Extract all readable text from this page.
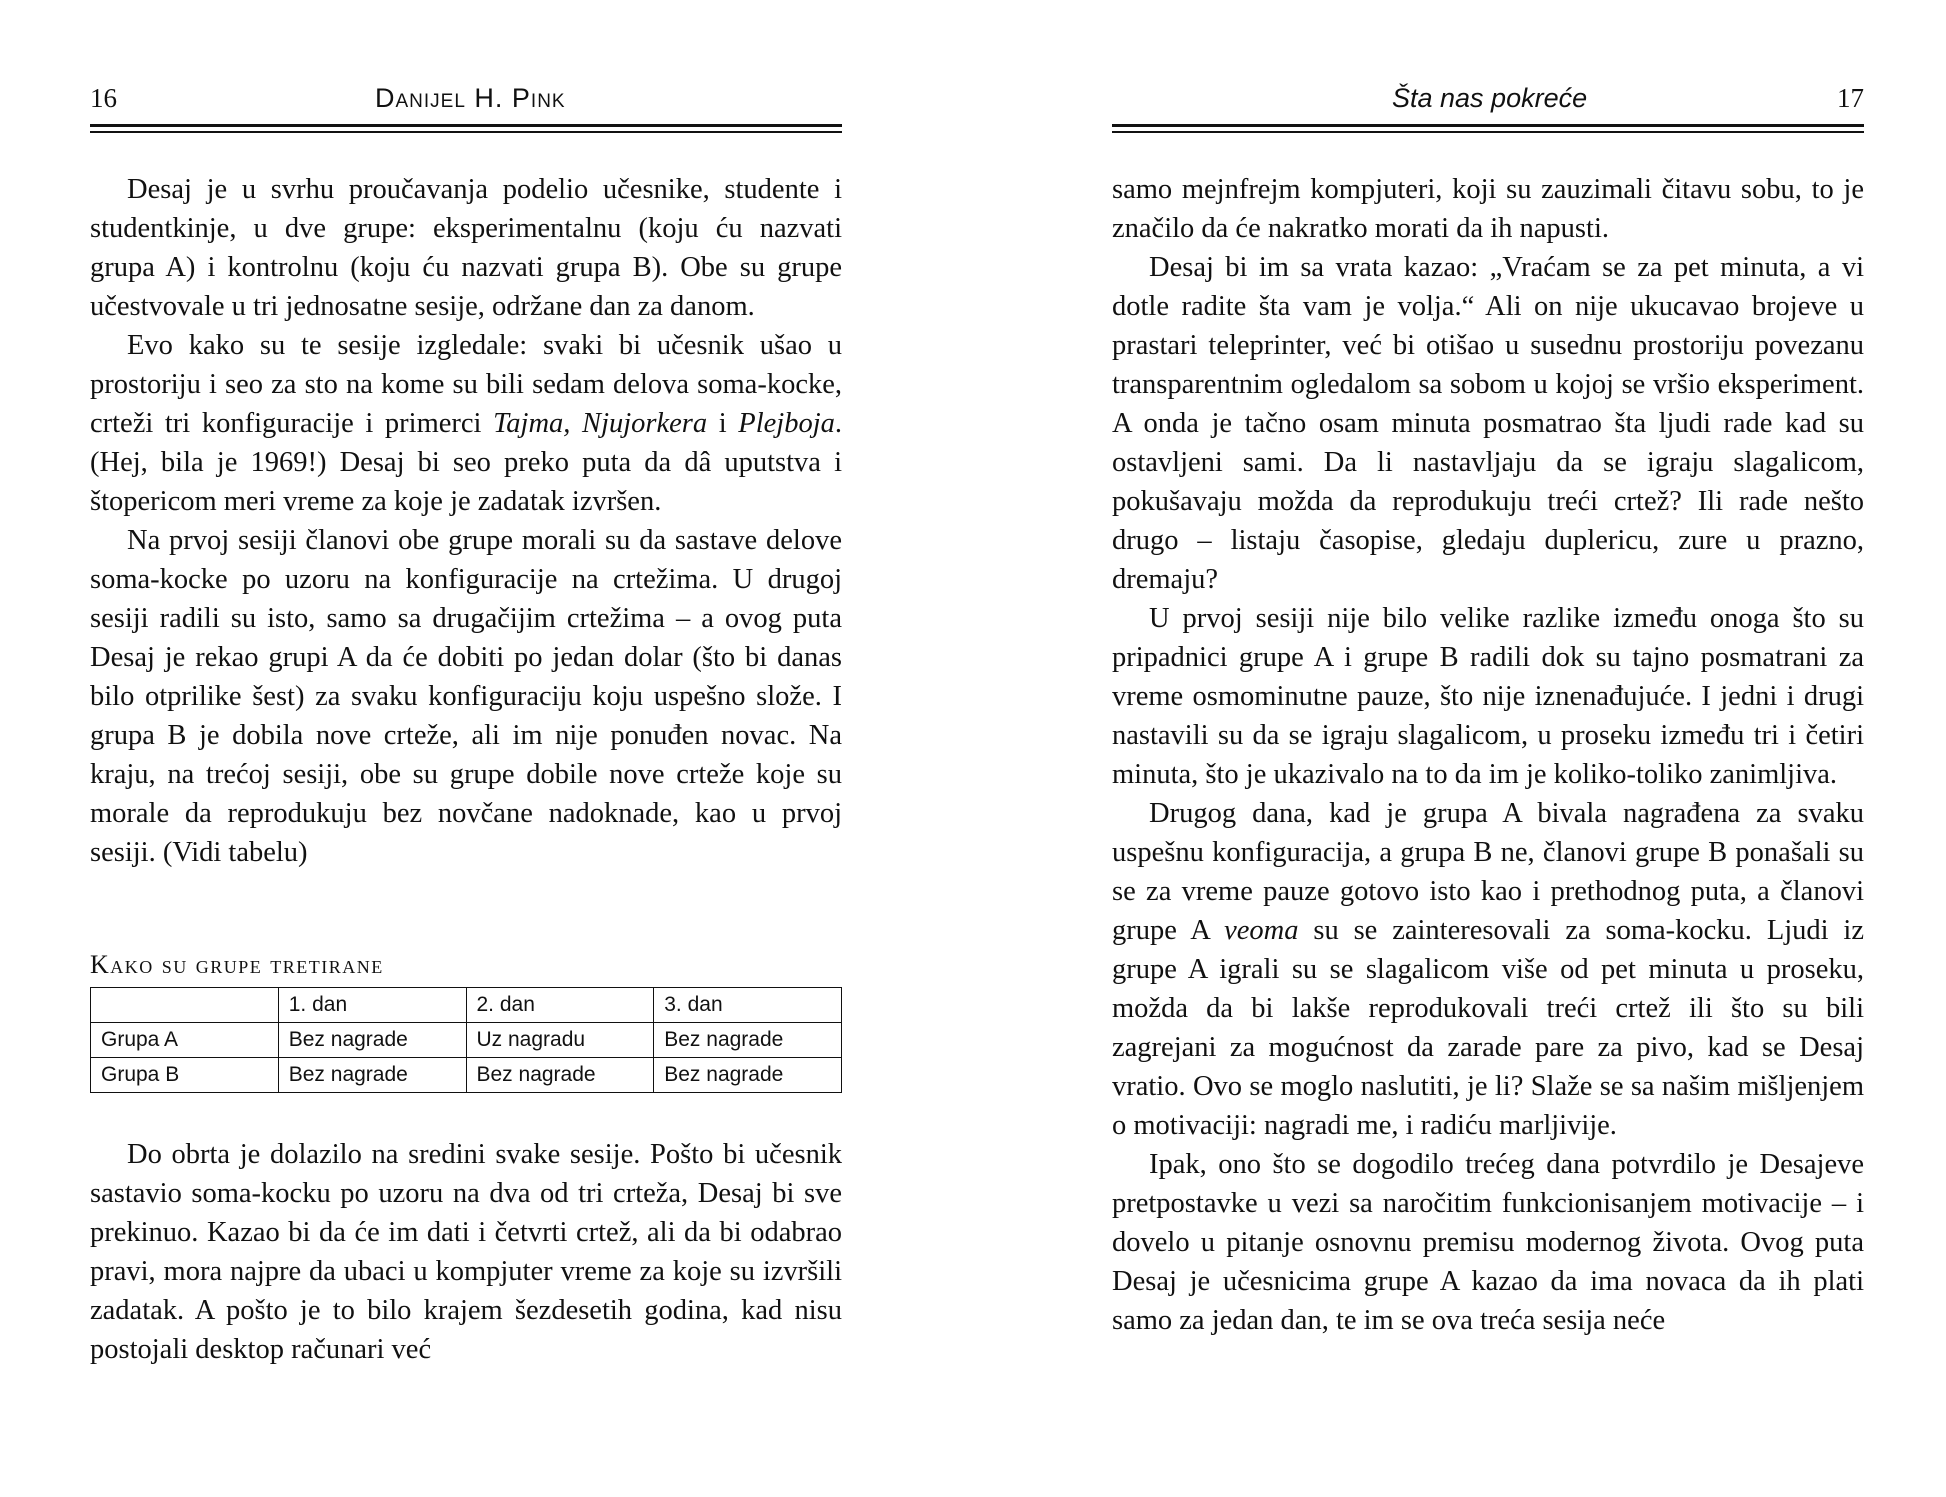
16	Danijel H. Pink

Desaj je u svrhu proučavanja podelio učesnike, studente i studentkinje, u dve grupe: eksperimentalnu (koju ću nazvati grupa A) i kontrolnu (koju ću nazvati grupa B). Obe su grupe učestvovale u tri jednosatne sesije, održane dan za danom.

Evo kako su te sesije izgledale: svaki bi učesnik ušao u prostoriju i seo za sto na kome su bili sedam delova soma-kocke, crteži tri konfiguracije i primerci Tajma, Njujorkera i Plejboja. (Hej, bila je 1969!) Desaj bi seo preko puta da dâ uputstva i štopericom meri vreme za koje je zadatak izvršen.

Na prvoj sesiji članovi obe grupe morali su da sastave delove soma-kocke po uzoru na konfiguracije na crtežima. U drugoj sesiji radili su isto, samo sa drugačijim crtežima – a ovog puta Desaj je rekao grupi A da će dobiti po jedan dolar (što bi danas bilo otprilike šest) za svaku konfiguraciju koju uspešno slože. I grupa B je dobila nove crteže, ali im nije ponuđen novac. Na kraju, na trećoj sesiji, obe su grupe dobile nove crteže koje su morale da reprodukuju bez novčane nadoknade, kao u prvoj sesiji. (Vidi tabelu)

Kako su grupe tretirane
	1. dan	2. dan	3. dan
Grupa A	Bez nagrade	Uz nagradu	Bez nagrade
Grupa B	Bez nagrade	Bez nagrade	Bez nagrade

Do obrta je dolazilo na sredini svake sesije. Pošto bi učesnik sastavio soma-kocku po uzoru na dva od tri crteža, Desaj bi sve prekinuo. Kazao bi da će im dati i četvrti crtež, ali da bi odabrao pravi, mora najpre da ubaci u kompjuter vreme za koje su izvršili zadatak. A pošto je to bilo krajem šezdesetih godina, kad nisu postojali desktop računari već

Šta nas pokreće	17

samo mejnfrejm kompjuteri, koji su zauzimali čitavu sobu, to je značilo da će nakratko morati da ih napusti.

Desaj bi im sa vrata kazao: „Vraćam se za pet minuta, a vi dotle radite šta vam je volja.“ Ali on nije ukucavao brojeve u prastari teleprinter, već bi otišao u susednu prostoriju povezanu transparentnim ogledalom sa sobom u kojoj se vršio eksperiment. A onda je tačno osam minuta posmatrao šta ljudi rade kad su ostavljeni sami. Da li nastavljaju da se igraju slagalicom, pokušavaju možda da reprodukuju treći crtež? Ili rade nešto drugo – listaju časopise, gledaju duplericu, zure u prazno, dremaju?

U prvoj sesiji nije bilo velike razlike između onoga što su pripadnici grupe A i grupe B radili dok su tajno posmatrani za vreme osmominutne pauze, što nije iznenađujuće. I jedni i drugi nastavili su da se igraju slagalicom, u proseku između tri i četiri minuta, što je ukazivalo na to da im je koliko-toliko zanimljiva.

Drugog dana, kad je grupa A bivala nagrađena za svaku uspešnu konfiguracija, a grupa B ne, članovi grupe B ponašali su se za vreme pauze gotovo isto kao i prethodnog puta, a članovi grupe A veoma su se zainteresovali za soma-kocku. Ljudi iz grupe A igrali su se slagalicom više od pet minuta u proseku, možda da bi lakše reprodukovali treći crtež ili što su bili zagrejani za mogućnost da zarade pare za pivo, kad se Desaj vratio. Ovo se moglo naslutiti, je li? Slaže se sa našim mišljenjem o motivaciji: nagradi me, i radiću marljivije.

Ipak, ono što se dogodilo trećeg dana potvrdilo je Desajeve pretpostavke u vezi sa naročitim funkcionisanjem motivacije – i dovelo u pitanje osnovnu premisu modernog života. Ovog puta Desaj je učesnicima grupe A kazao da ima novaca da ih plati samo za jedan dan, te im se ova treća sesija neće
